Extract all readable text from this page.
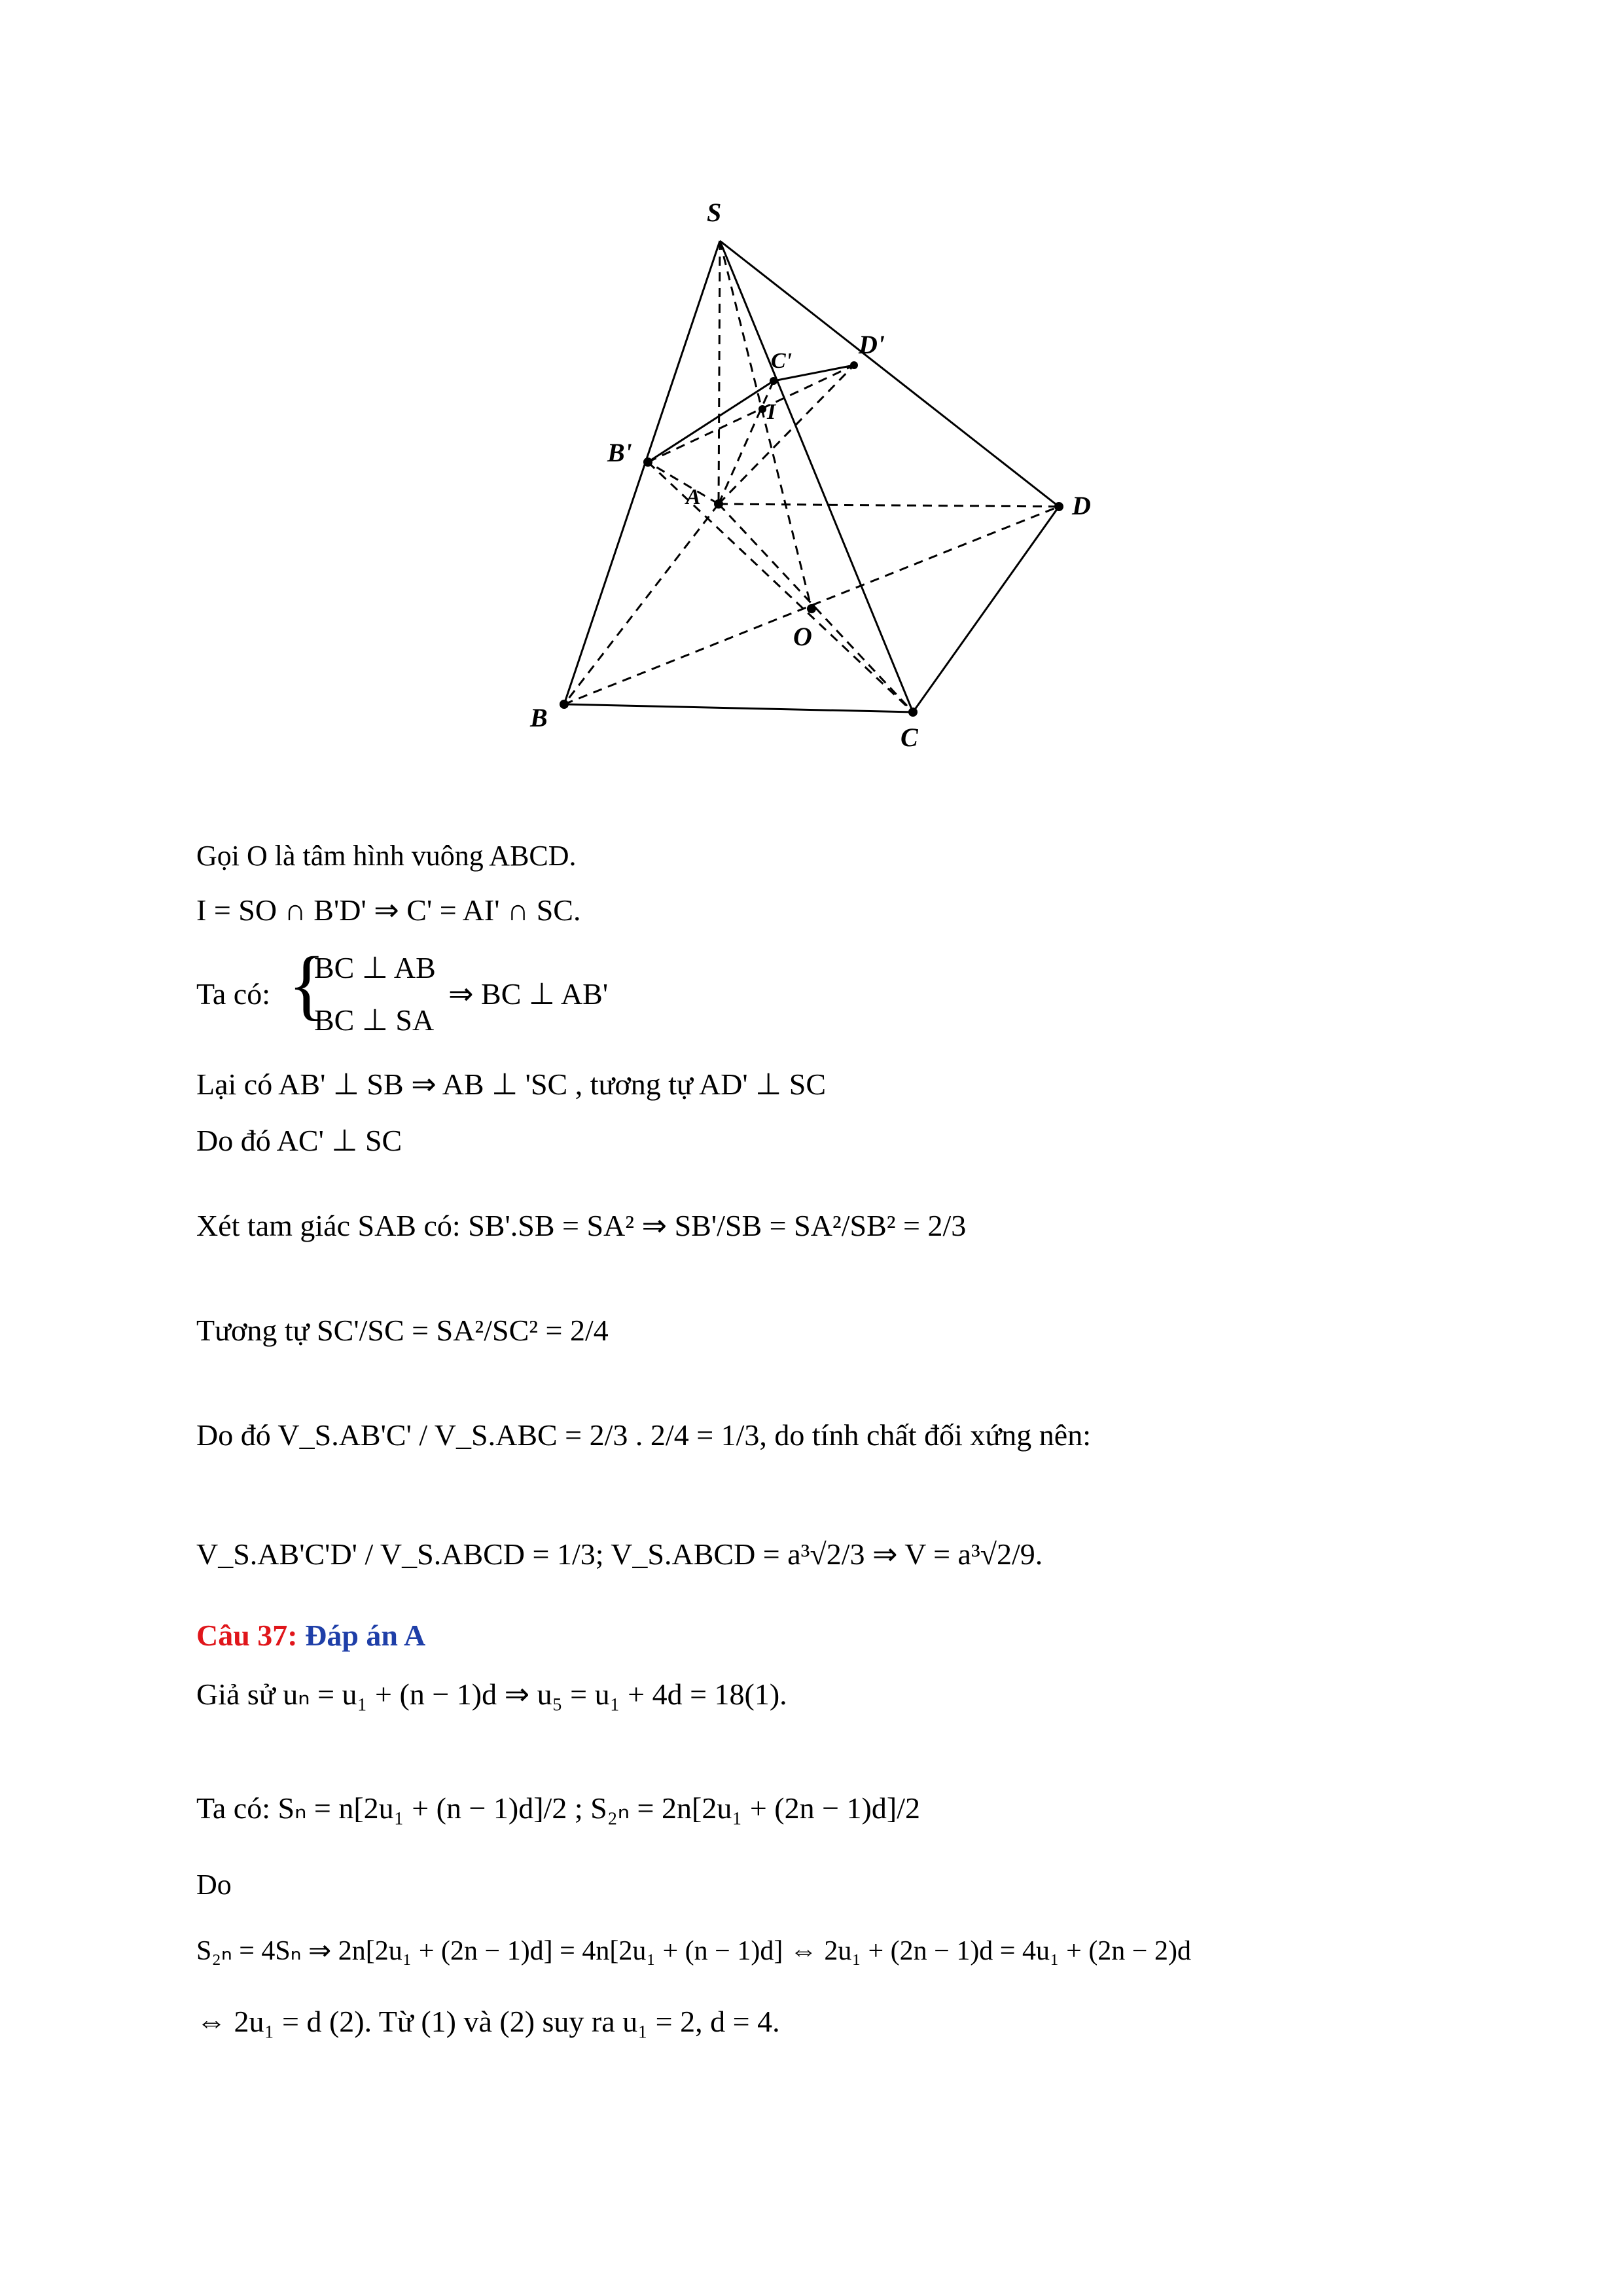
S
B'
C'
D'
I
A	D
O
B
C
Gọi O là tâm hình vuông ABCD.
I = SO ∩ B'D' ⇒ C' = AI' ∩ SC.
Ta có: {
BC ⊥ AB
BC ⊥ SA
⇒ BC ⊥ AB'
Lại có AB' ⊥ SB ⇒ AB ⊥ 'SC , tương tự AD' ⊥ SC
Do đó AC' ⊥ SC
Xét tam giác SAB có: SB'.SB = SA² ⇒ SB'/SB = SA²/SB² = 2/3
Tương tự SC'/SC = SA²/SC² = 2/4
Do đó V_S.AB'C' / V_S.ABC = 2/3 . 2/4 = 1/3, do tính chất đối xứng nên:
V_S.AB'C'D' / V_S.ABCD = 1/3; V_S.ABCD = a³√2/3 ⇒ V = a³√2/9.
Câu 37: Đáp án A
Giả sử uₙ = u₁ + (n − 1)d ⇒ u₅ = u₁ + 4d = 18(1).
Ta có: Sₙ = n[2u₁ + (n − 1)d]/2 ; S₂ₙ = 2n[2u₁ + (2n − 1)d]/2
Do
S₂ₙ = 4Sₙ ⇒ 2n[2u₁ + (2n − 1)d] = 4n[2u₁ + (n − 1)d] ⇔ 2u₁ + (2n − 1)d = 4u₁ + (2n − 2)d
⇔ 2u₁ = d (2). Từ (1) và (2) suy ra u₁ = 2, d = 4.
